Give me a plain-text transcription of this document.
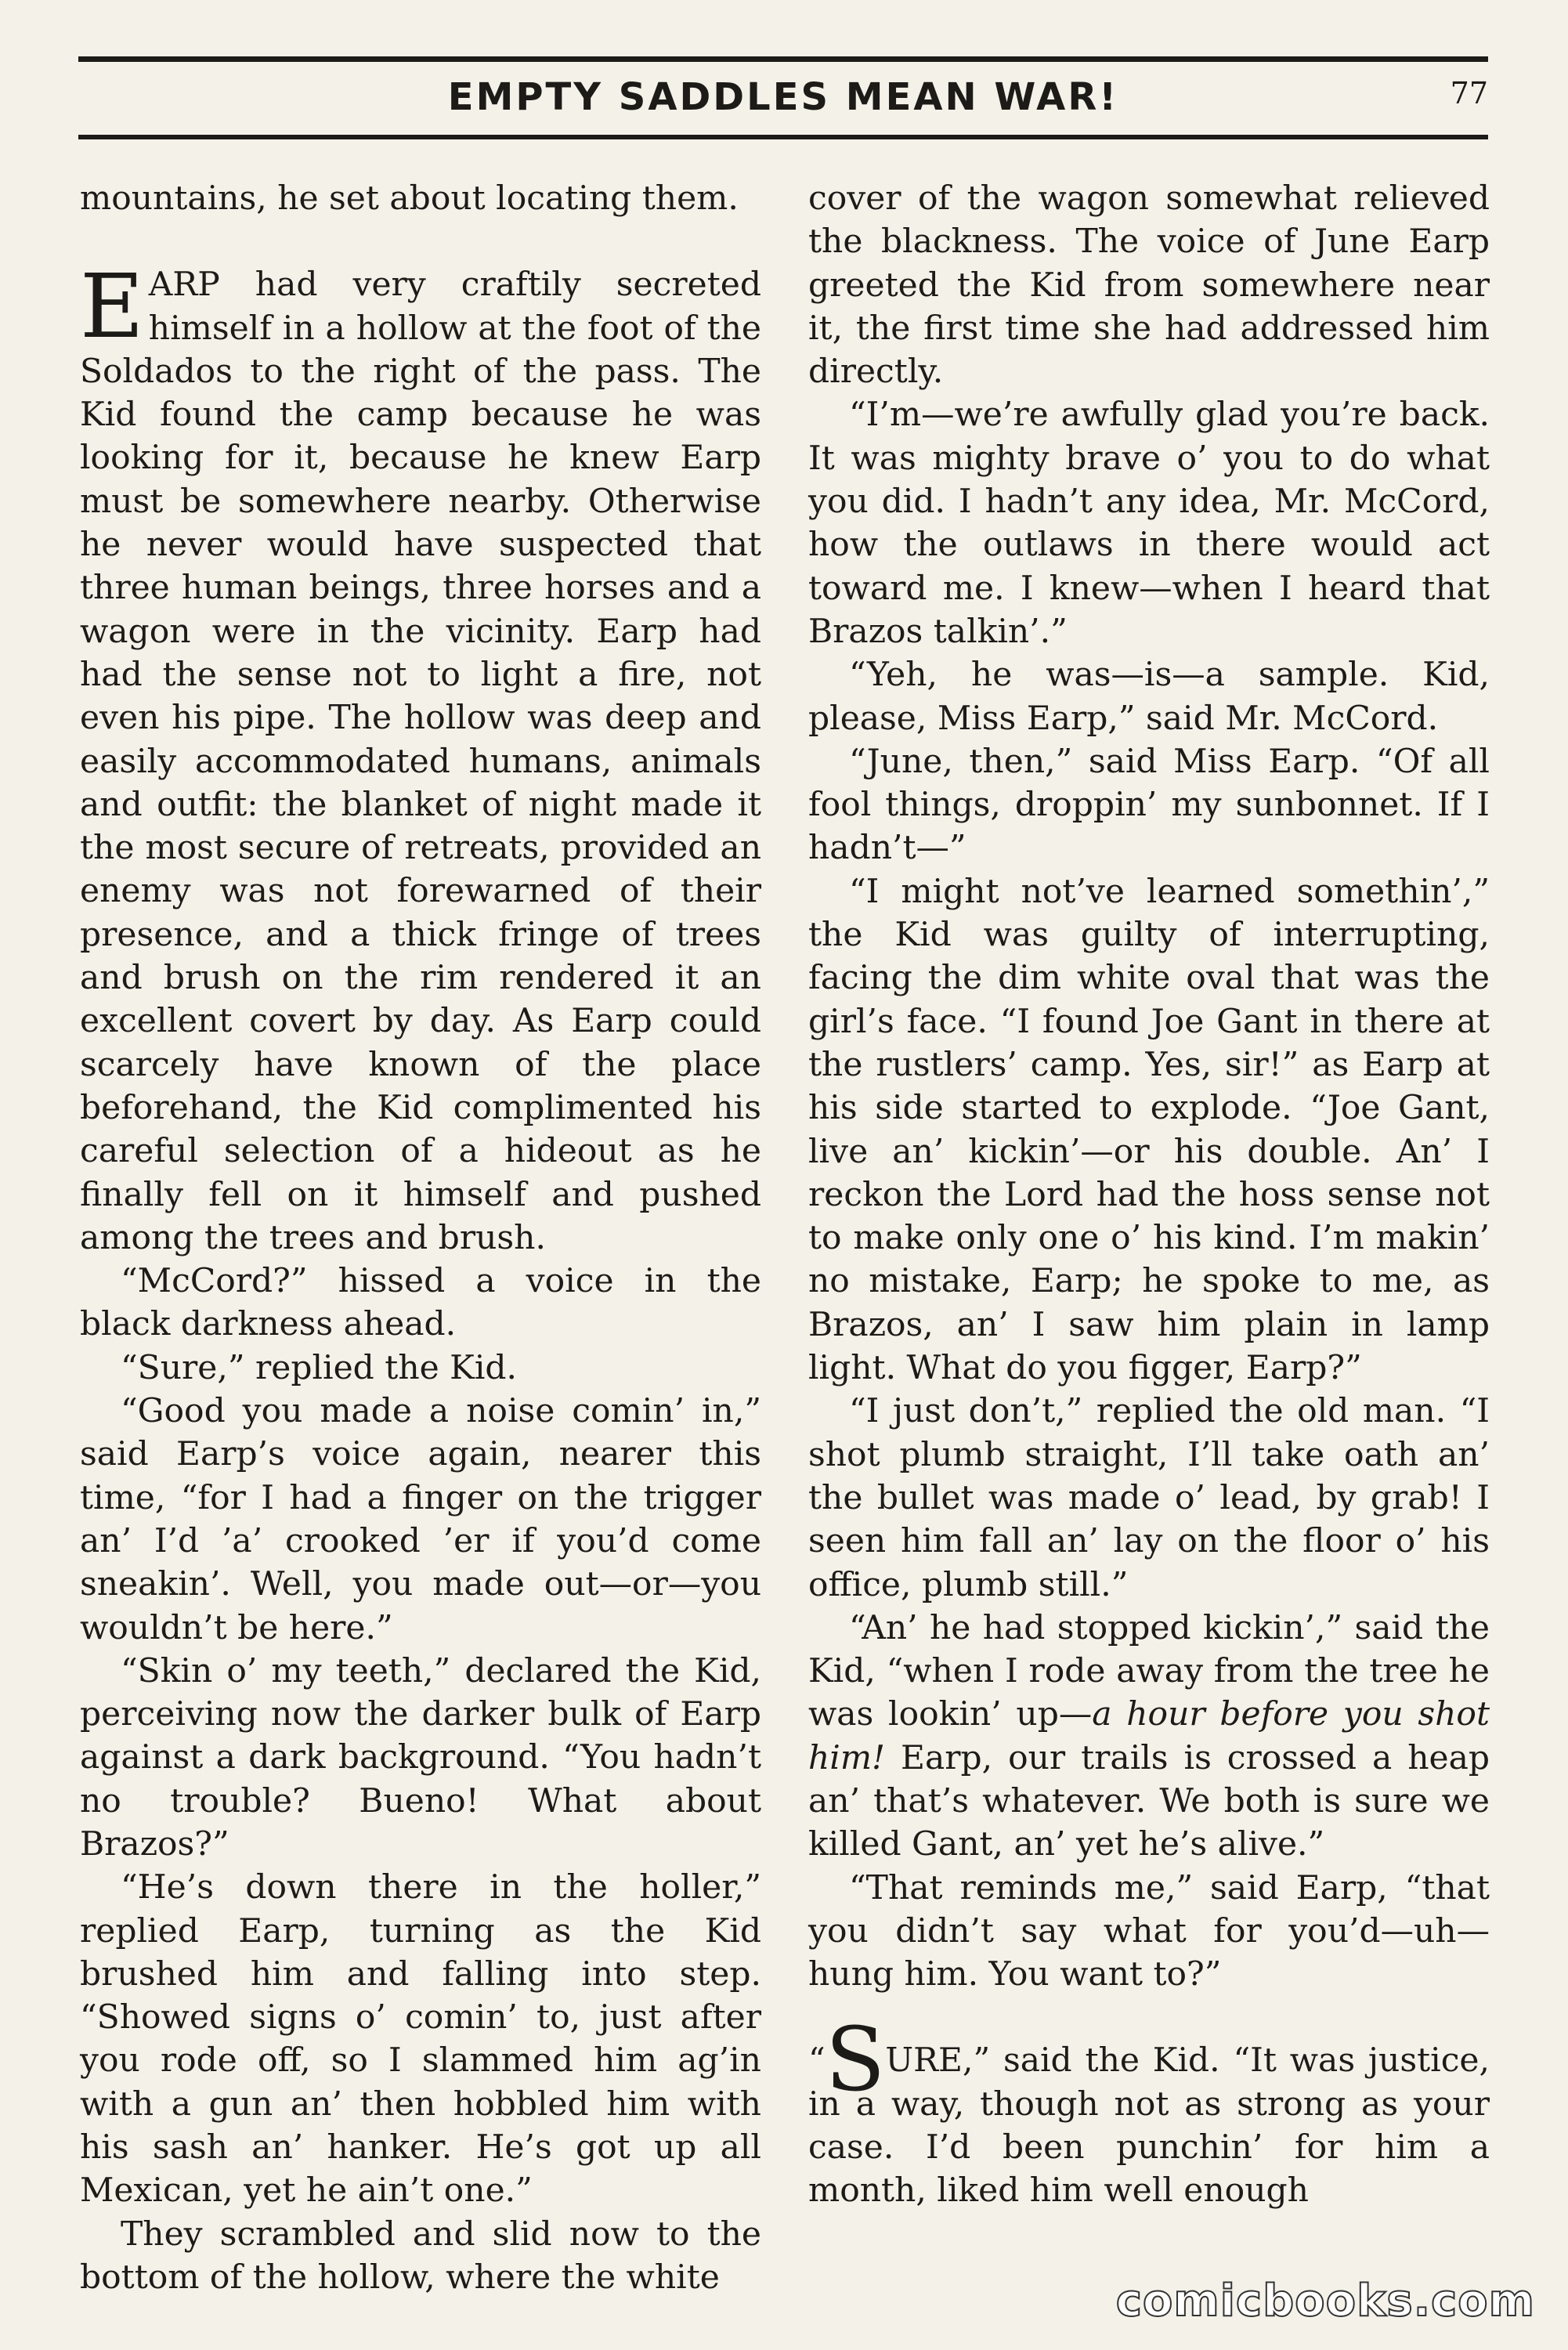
EMPTY SADDLES MEAN WAR!	77

mountains, he set about locating them.

EARP had very craftily secreted himself in a hollow at the foot of the Soldados to the right of the pass. The Kid found the camp because he was looking for it, because he knew Earp must be somewhere nearby. Otherwise he never would have suspected that three human beings, three horses and a wagon were in the vicinity. Earp had had the sense not to light a fire, not even his pipe. The hollow was deep and easily accommodated humans, animals and outfit: the blanket of night made it the most secure of retreats, provided an enemy was not forewarned of their presence, and a thick fringe of trees and brush on the rim rendered it an excellent covert by day. As Earp could scarcely have known of the place beforehand, the Kid complimented his careful selection of a hideout as he finally fell on it himself and pushed among the trees and brush.

“McCord?” hissed a voice in the black darkness ahead.

“Sure,” replied the Kid.

“Good you made a noise comin’ in,” said Earp’s voice again, nearer this time, “for I had a finger on the trigger an’ I’d ’a’ crooked ’er if you’d come sneakin’. Well, you made out—or—you wouldn’t be here.”

“Skin o’ my teeth,” declared the Kid, perceiving now the darker bulk of Earp against a dark background. “You hadn’t no trouble? Bueno! What about Brazos?”

“He’s down there in the holler,” replied Earp, turning as the Kid brushed him and falling into step. “Showed signs o’ comin’ to, just after you rode off, so I slammed him ag’in with a gun an’ then hobbled him with his sash an’ hanker. He’s got up all Mexican, yet he ain’t one.”

They scrambled and slid now to the bottom of the hollow, where the white

cover of the wagon somewhat relieved the blackness. The voice of June Earp greeted the Kid from somewhere near it, the first time she had addressed him directly.

“I’m—we’re awfully glad you’re back. It was mighty brave o’ you to do what you did. I hadn’t any idea, Mr. McCord, how the outlaws in there would act toward me. I knew—when I heard that Brazos talkin’.”

“Yeh, he was—is—a sample. Kid, please, Miss Earp,” said Mr. McCord.

“June, then,” said Miss Earp. “Of all fool things, droppin’ my sunbonnet. If I hadn’t—”

“I might not’ve learned somethin’,” the Kid was guilty of interrupting, facing the dim white oval that was the girl’s face. “I found Joe Gant in there at the rustlers’ camp. Yes, sir!” as Earp at his side started to explode. “Joe Gant, live an’ kickin’—or his double. An’ I reckon the Lord had the hoss sense not to make only one o’ his kind. I’m makin’ no mistake, Earp; he spoke to me, as Brazos, an’ I saw him plain in lamp light. What do you figger, Earp?”

“I just don’t,” replied the old man. “I shot plumb straight, I’ll take oath an’ the bullet was made o’ lead, by grab! I seen him fall an’ lay on the floor o’ his office, plumb still.”

“An’ he had stopped kickin’,” said the Kid, “when I rode away from the tree he was lookin’ up—a hour before you shot him! Earp, our trails is crossed a heap an’ that’s whatever. We both is sure we killed Gant, an’ yet he’s alive.”

“That reminds me,” said Earp, “that you didn’t say what for you’d—uh—hung him. You want to?”

“SURE,” said the Kid. “It was justice, in a way, though not as strong as your case. I’d been punchin’ for him a month, liked him well enough

comicbooks.com
